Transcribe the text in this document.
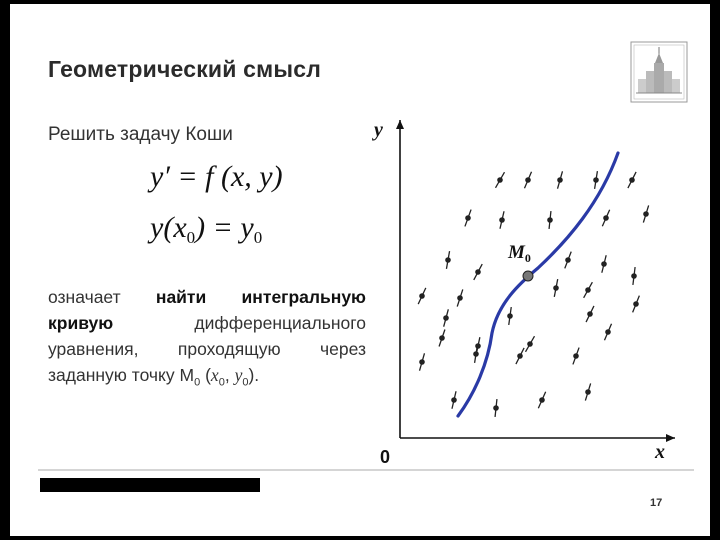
Геометрический смысл
Решить задачу Коши
y′ = f (x, y)
$y(x_0) = y_0$
означает найти интегральную
кривую дифференциального
уравнения, проходящую через
заданную точку $M_0$ ($x_0$, $y_0$).
y
x
0
$M_0$
17
